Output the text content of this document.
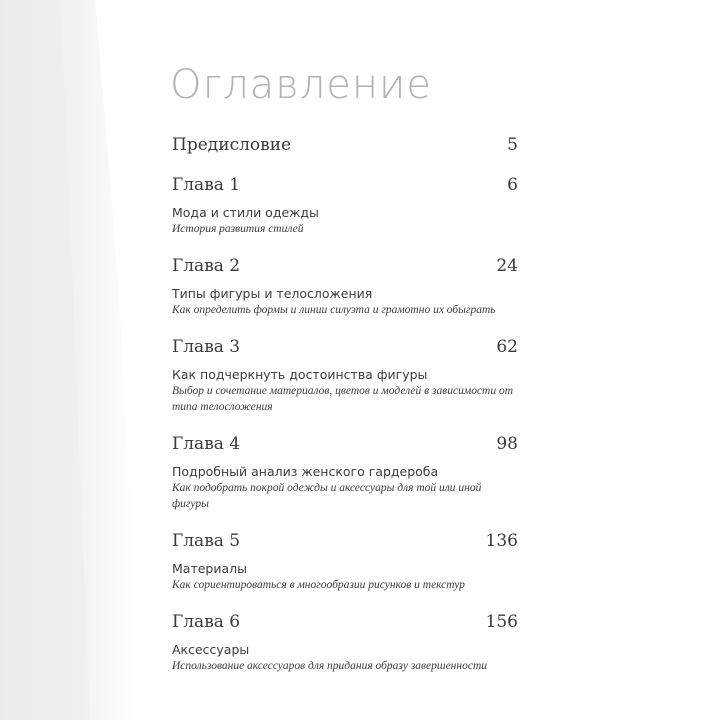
Оглавление
Предисловие	5
Глава 1	6
Мода и стили одежды
История развития стилей
Глава 2	24
Типы фигуры и телосложения
Как определить формы и линии силуэта и грамотно их обыграть
Глава 3	62
Как подчеркнуть достоинства фигуры
Выбор и сочетание материалов, цветов и моделей в зависимости от типа телосложения
Глава 4	98
Подробный анализ женского гардероба
Как подобрать покрой одежды и аксессуары для той или иной фигуры
Глава 5	136
Материалы
Как сориентироваться в многообразии рисунков и текстур
Глава 6	156
Аксессуары
Использование аксессуаров для придания образу завершенности
